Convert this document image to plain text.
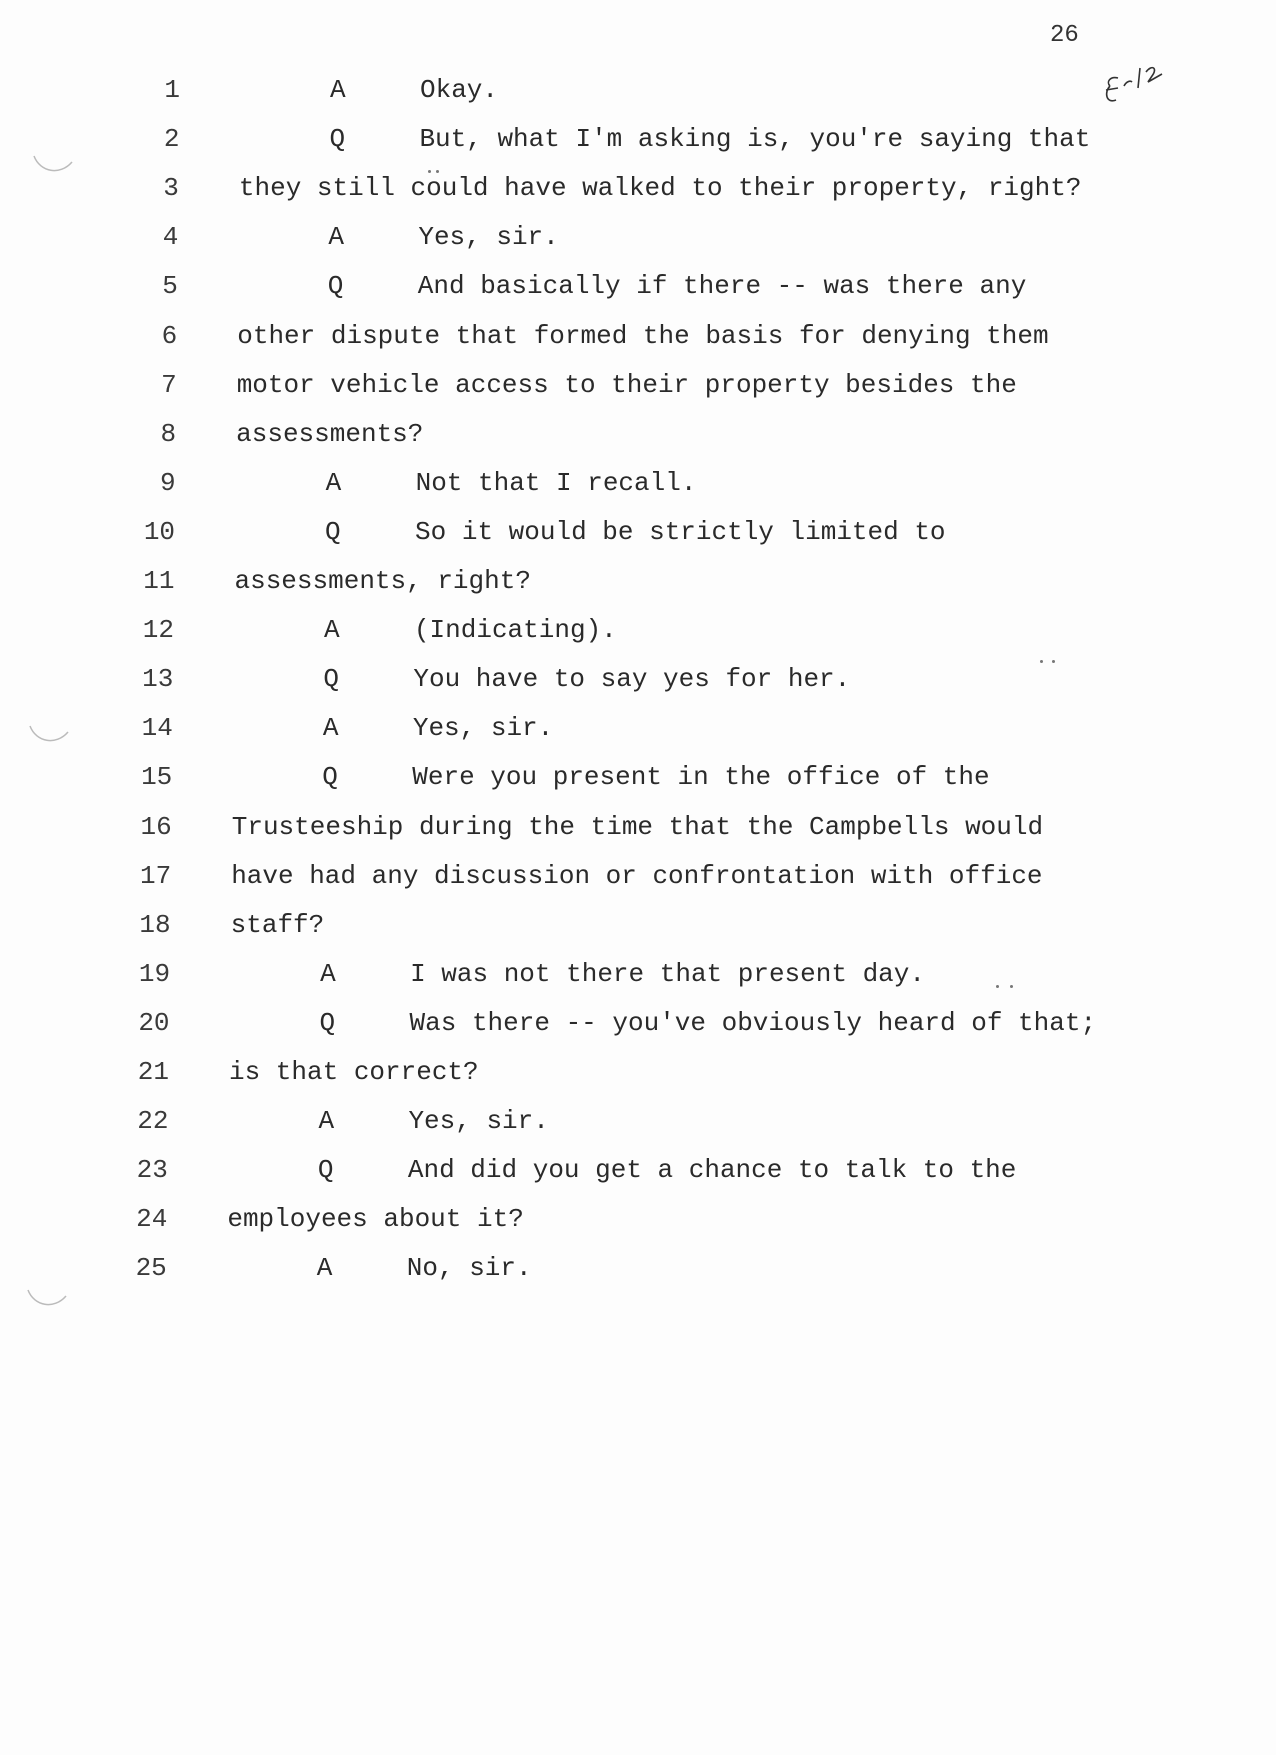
26
1	A	Okay.
2	Q	But, what I'm asking is, you're saying that
3 they still could have walked to their property, right?
4	A	Yes, sir.
5	Q	And basically if there -- was there any
6 other dispute that formed the basis for denying them
7 motor vehicle access to their property besides the
8 assessments?
9	A	Not that I recall.
10	Q	So it would be strictly limited to
11 assessments, right?
12	A	(Indicating).
13	Q	You have to say yes for her.
14	A	Yes, sir.
15	Q	Were you present in the office of the
16 Trusteeship during the time that the Campbells would
17 have had any discussion or confrontation with office
18 staff?
19	A	I was not there that present day.
20	Q	Was there -- you've obviously heard of that;
21 is that correct?
22	A	Yes, sir.
23	Q	And did you get a chance to talk to the
24 employees about it?
25	A	No, sir.
